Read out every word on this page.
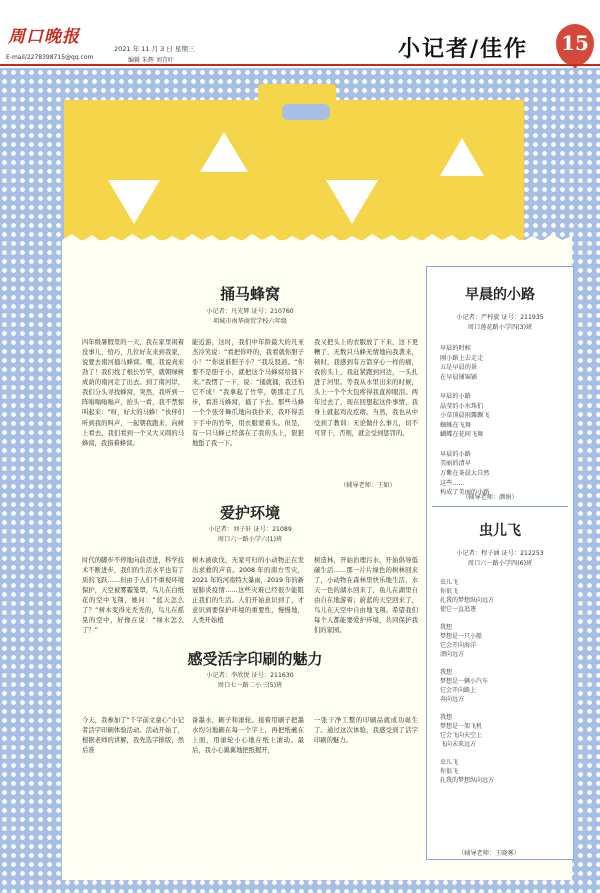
周口晚报
E-mail/2278398715@qq.com
2021 年 11 月 3 日 星期三
编辑 朱辉 刘青叶	小记者/佳作 15
捅马蜂窝
小记者：凡光辉 证号：210760
项城市南华商贸学校六年级
四年级暑假里的一天，我在家里闲着没事儿，恰巧，几位好友来到我家，说要去南河捅马蜂窝。嘿，我说真来劲了！我们找了根长竹竿，就朝绿树成荫的南河走了出去。到了南河岸，我们分头寻找蜂窝，突然，我听到一阵嗡嗡嗡嗡声，抬头一看，我不禁惊叫起来：“呀，好大的马蜂！”伙伴们听到我的叫声，一起朝我跑来，向树上看去。我们看到一个又大又圆的马蜂窝，我指着蜂窝。
能近游，这时，我们中年龄最大的凡亚杰冷笑说：“看把你吓的，我看就你胆子小！”“你说谁胆子小？”我反驳道。“你要不是胆子小，就把这个马蜂窝给捅下来。”我愣了一下，说：“捅就捅，我还怕它不成！”我拿起了竹竿，朝那走了几步，看准马蜂窝，捅了下去。那些马蜂一个个张牙舞爪地向我扑来，我吓得丢下手中的竹竿，用衣服蒙着头。但是，有一只马蜂已经落在了我的头上，狠狠地蜇了我一下。
我又把头上的衣服放了下来，这下更糟了，无数只马蜂无情地向我袭来，顿时，我感到有万箭穿心一样的痛，我的头上，我赶紧跑到河边，一头扎进了河里。等我从水里出来的时候，头上一个个大包疼得我直掉眼泪。两年过去了，现在回想起这件事情，我身上就起鸡皮疙瘩。当然，我也从中受到了教训：无论做什么事儿，切不可冒干，否则，就会受到惩罚的。
（辅导老师：王如）
爱护环境
小记者：刘子轩 证号：21089
周口六一路小学六(1)班
时代的脚步不停地向前迈进，科学技术不断进步，我们的生活水平也有了质的飞跃……但由于人们不重视环境保护，天空被雾霾笼罩，鸟儿在白纸花的空中飞翔，她问：“蓝天怎么了？”树木变得光秃秃的，鸟儿在摇晃的空中，好像在说：“绿水怎么了？”
树木被砍伐，无家可归的小动物正在发出求救的声音。2008 年的南方雪灾，2021 年的河南特大暴雨，2019 年的新冠肺炎疫情……这些灾难已经很少能阻止我们的生活。人们开始意识到了，才意识到要保护环境的重要性，慢慢地，人类开始植
树造林，开始治理污水，开始倡导低碳生活……那一片片绿色的树林回来了，小动物在森林里快乐地生活，水天一色的湖水回来了，鱼儿在湖里自由自在地游着；蔚蓝的天空回来了，鸟儿在天空中自由地飞翔。希望我们每个人都能要爱护环境，共同保护我们的家园。
感受活字印刷的魅力
小记者：李欣悦 证号：211630
周口七一路二小三(5)班
今天，我参加了“千字前文童心”小记者活字印刷体验活动。活动开始了，根据老师的讲解，我先选字排版，然后准
备墨水，刷子和滚轮。接着用刷子把墨水均匀地刷在每一个字上，再把纸蘸在上面，用滚轮小心地在纸上滚动。最后，我小心翼翼地把纸揭开，
一张干净工整的印刷品就成功诞生了。通过这次体验，我感受到了活字印刷的魅力。
早晨的小路
小记者：严梓旋 证号：211935
周口莲花路小学四(3)班
早晨的时候
刚小路上去走走
五是早晨的景
在早晨铺锦铺

早晨的小路
晶莹的小水珠们
小草顶晨雨露飘飞
蜘蛛在飞舞
蝴蝶在花间飞舞

早晨的小路
美丽的清早
万紫在茶晨大自然
这些……
构成了美丽的小路
（辅导老师：颜娟）
虫儿飞
小记者：程子涵 证号：212253
周口六一路小学四(6)班
虫儿飞
你很飞
扎我的梦想纵向远方
使它一直追逐

我想
梦想是一只小船
它会开向海洋
漂向远方

我想
梦想是一辆小汽车
它会开向路上
奔向远方

我想
梦想是一架飞机
它会飞向天空上
飞向未来远方

虫儿飞
你很飞
扎我的梦想纵向远方
（辅导老师：王晓雾）
